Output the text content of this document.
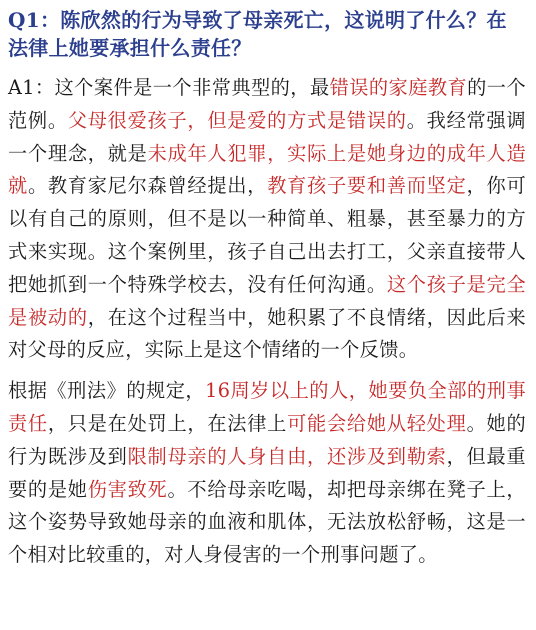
Q1：陈欣然的行为导致了母亲死亡，这说明了什么？在法律上她要承担什么责任？

A1：这个案件是一个非常典型的，最错误的家庭教育的一个范例。父母很爱孩子，但是爱的方式是错误的。我经常强调一个理念，就是未成年人犯罪，实际上是她身边的成年人造就。教育家尼尔森曾经提出，教育孩子要和善而坚定，你可以有自己的原则，但不是以一种简单、粗暴，甚至暴力的方式来实现。这个案例里，孩子自己出去打工，父亲直接带人把她抓到一个特殊学校去，没有任何沟通。这个孩子是完全是被动的，在这个过程当中，她积累了不良情绪，因此后来对父母的反应，实际上是这个情绪的一个反馈。

根据《刑法》的规定，16周岁以上的人，她要负全部的刑事责任，只是在处罚上，在法律上可能会给她从轻处理。她的行为既涉及到限制母亲的人身自由，还涉及到勒索，但最重要的是她伤害致死。不给母亲吃喝，却把母亲绑在凳子上，这个姿势导致她母亲的血液和肌体，无法放松舒畅，这是一个相对比较重的，对人身侵害的一个刑事问题了。
